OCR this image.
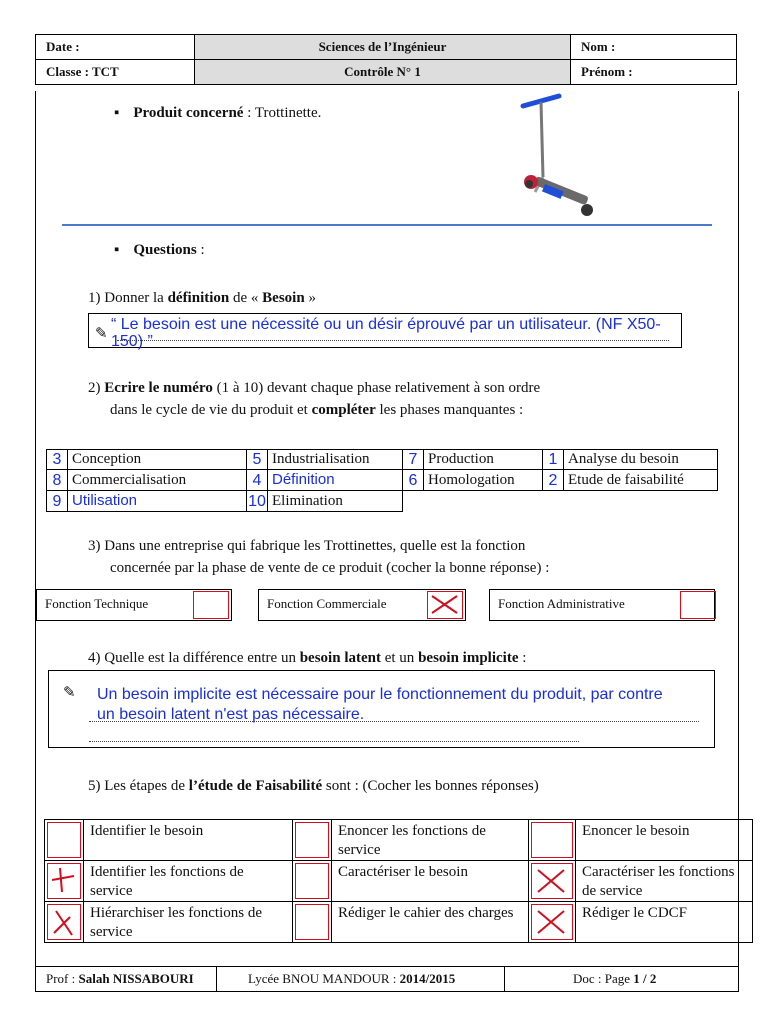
Date :	Sciences de l’Ingénieur	Nom :
Classe : TCT	Contrôle N° 1	Prénom :
▪ Produit concerné : Trottinette.
▪ Questions :
1) Donner la définition de « Besoin »
✎
“ Le besoin est une nécessité ou un désir éprouvé par un utilisateur. (NF X50-150) ”
2) Ecrire le numéro (1 à 10) devant chaque phase relativement à son ordre
dans le cycle de vie du produit et compléter les phases manquantes :
3	Conception	5	Industrialisation	7	Production	1	Analyse du besoin
8	Commercialisation	4	Définition	6	Homologation	2	Etude de faisabilité
9	Utilisation	10	Elimination				
3) Dans une entreprise qui fabrique les Trottinettes, quelle est la fonction
concernée par la phase de vente de ce produit (cocher la bonne réponse) :
Fonction Technique	Fonction Commerciale	Fonction Administrative
4) Quelle est la différence entre un besoin latent et un besoin implicite :
✎ Un besoin implicite est nécessaire pour le fonctionnement du produit, par contre
un besoin latent n'est pas nécessaire.
5) Les étapes de l’étude de Faisabilité sont : (Cocher les bonnes réponses)
	Identifier le besoin		Enoncer les fonctions de service		Enoncer le besoin

	Identifier les fonctions de service		Caractériser le besoin		Caractériser les fonctions de service

	Hiérarchiser les fonctions de service		Rédiger le cahier des charges		Rédiger le CDCF
Prof : Salah NISSABOURI	Lycée BNOU MANDOUR : 2014/2015	Doc : Page 1 / 2
